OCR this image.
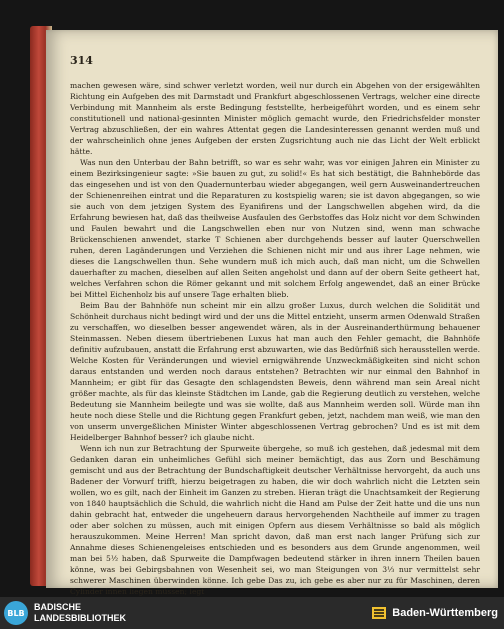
314

machen gewesen wäre, sind schwer verletzt worden, weil nur durch ein Abgehen von der ersigewählten Richtung ein Aufgeben des mit Darmstadt und Frankfurt abgeschlossenen Vertrags, welcher eine directe Verbindung mit Mannheim als erste Bedingung feststellte, herbeigeführt worden, und es einem sehr constitutionell und national-gesinnten Minister möglich gemacht wurde, den Friedrichsfelder monster Vertrag abzuschließen, der ein wahres Attentat gegen die Landesinteressen genannt werden muß und der wahrscheinlich ohne jenes Aufgeben der ersten Zugsrichtung auch nie das Licht der Welt erblickt hätte.

Was nun den Unterbau der Bahn betrifft, so war es sehr wahr, was vor einigen Jahren ein Minister zu einem Bezirksingenieur sagte: »Sie bauen zu gut, zu solid!« Es hat sich bestätigt, die Bahnhebörde das das eingesehen und ist von den Quadernunterbau wieder abgegangen, weil gern Ausweinandertreuchen der Schienenreihen eintrat und die Reparaturen zu kostspielig waren; sie ist davon abgegangen, so wie sie auch von dem jetzigen System des Eyanifirens und der Langschwellen abgehen wird, da die Erfahrung bewiesen hat, daß das theilweise Ausfaulen des Gerbstoffes das Holz nicht vor dem Schwinden und Faulen bewahrt und die Langschwellen eben nur von Nutzen sind, wenn man schwache Brückenschienen anwendet, starke T Schienen aber durchgehends besser auf lauter Querschwellen ruhen, deren Lagänderungen und Verziehen die Schienen nicht mir und aus ihrer Lage nehmen, wie dieses die Langschwellen thun. Sehe wundern muß ich mich auch, daß man nicht, um die Schwellen dauerhafter zu machen, dieselben auf allen Seiten angeholst und dann auf der obern Seite getheert hat, welches Verfahren schon die Römer gekannt und mit solchem Erfolg angewendet, daß an einer Brücke bei Mittel Eichenholz bis auf unsere Tage erhalten blieb.

Beim Bau der Bahnhöfe nun scheint mir ein allzu großer Luxus, durch welchen die Solidität und Schönheit durchaus nicht bedingt wird und der uns die Mittel entzieht, unserm armen Odenwald Straßen zu verschaffen, wo dieselben besser angewendet wären, als in der Ausreinanderthürmung behauener Steinmassen. Neben diesem übertriebenen Luxus hat man auch den Fehler gemacht, die Bahnhöfe definitiv aufzubauen, anstatt die Erfahrung erst abzuwarten, wie das Bedürfniß sich herausstellen werde. Welche Kosten für Veränderungen und wieviel ernigwährende Unzweckmäßigkeiten sind nicht schon daraus entstanden und werden noch daraus entstehen? Betrachten wir nur einmal den Bahnhof in Mannheim; er gibt für das Gesagte den schlagendsten Beweis, denn während man sein Areal nicht größer machte, als für das kleinste Städtchen im Lande, gab die Regierung deutlich zu verstehen, welche Bedeutung sie Mannheim beilegte und was sie wollte, daß aus Mannheim werden soll. Würde man ihn heute noch diese Stelle und die Richtung gegen Frankfurt geben, jetzt, nachdem man weiß, wie man den von unserm unvergeßlichen Minister Winter abgeschlossenen Vertrag gebrochen? Und es ist mit dem Heidelberger Bahnhof besser? ich glaube nicht.

Wenn ich nun zur Betrachtung der Spurweite übergehe, so muß ich gestehen, daß jedesmal mit dem Gedanken daran ein unheimliches Gefühl sich meiner bemächtigt, das aus Zorn und Beschämung gemischt und aus der Betrachtung der Bundschaftigkeit deutscher Verhältnisse hervorgeht, da auch uns Badener der Vorwurf trifft, hierzu beigetragen zu haben, die wir doch wahrlich nicht die Letzten sein wollen, wo es gilt, nach der Einheit im Ganzen zu streben. Hieran trägt die Unachtsamkeit der Regierung von 1840 hauptsächlich die Schuld, die wahrlich nicht die Hand am Pulse der Zeit hatte und die uns nun dahin gebracht hat, entweder die ungeheuern daraus hervorgehenden Nachtheile auf immer zu tragen oder aber solchen zu müssen, auch mit einigen Opfern aus diesem Verhältnisse so bald als möglich herauszukommen. Meine Herren! Man spricht davon, daß man erst nach langer Prüfung sich zur Annahme dieses Schienengeleises entschieden und es besonders aus dem Grunde angenommen, weil man bei 5½ haben, daß Spurweite die Dampfwagen bedeutend stärker in ihren innern Theilen bauen könne, was bei Gebirgsbahnen von Wesenheit sei, wo man Steigungen von 3⅓ nur vermittelst sehr schwerer Maschinen überwinden könne. Ich gebe Das zu, ich gebe es aber nur zu für Maschinen, deren Cylinder innen liegen müssen; legt

BLB
BADISCHE
LANDESBIBLIOTHEK	Baden-Württemberg
